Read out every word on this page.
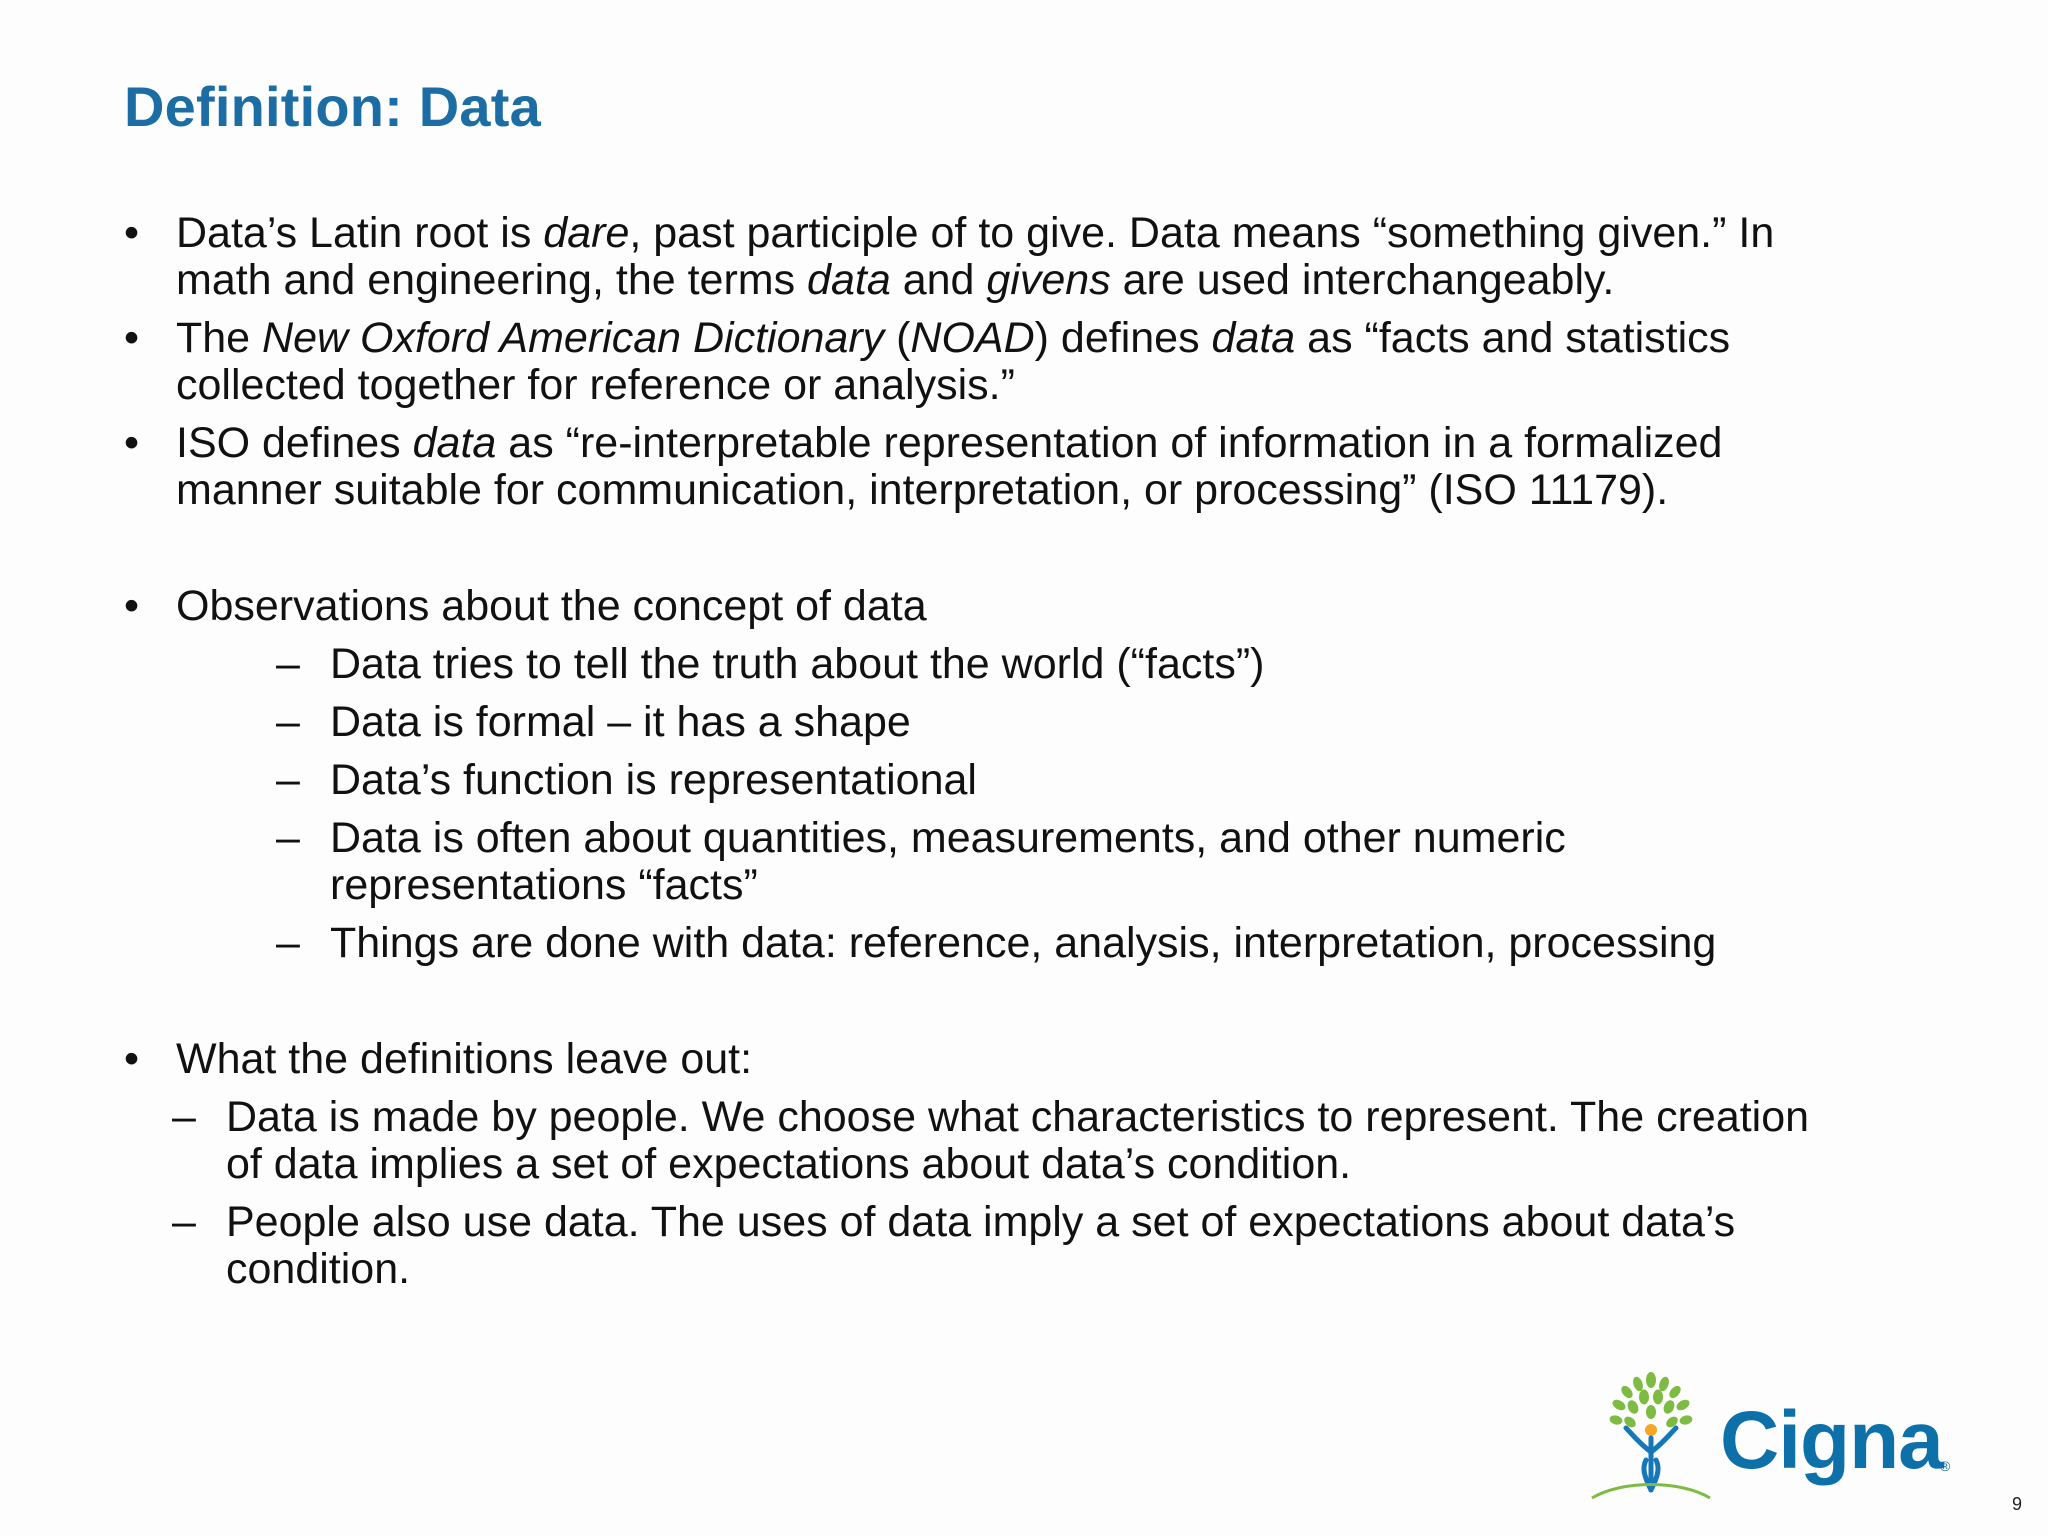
Definition: Data
• Data’s Latin root is dare, past participle of to give. Data means “something given.” In
math and engineering, the terms data and givens are used interchangeably.
• The New Oxford American Dictionary (NOAD) defines data as “facts and statistics
collected together for reference or analysis.”
• ISO defines data as “re-interpretable representation of information in a formalized
manner suitable for communication, interpretation, or processing” (ISO 11179).
• Observations about the concept of data
– Data tries to tell the truth about the world (“facts”)
– Data is formal – it has a shape
– Data’s function is representational
– Data is often about quantities, measurements, and other numeric
representations “facts”
– Things are done with data: reference, analysis, interpretation, processing
• What the definitions leave out:
– Data is made by people. We choose what characteristics to represent. The creation
of data implies a set of expectations about data’s condition.
– People also use data. The uses of data imply a set of expectations about data’s
condition.
Cigna
®
9
